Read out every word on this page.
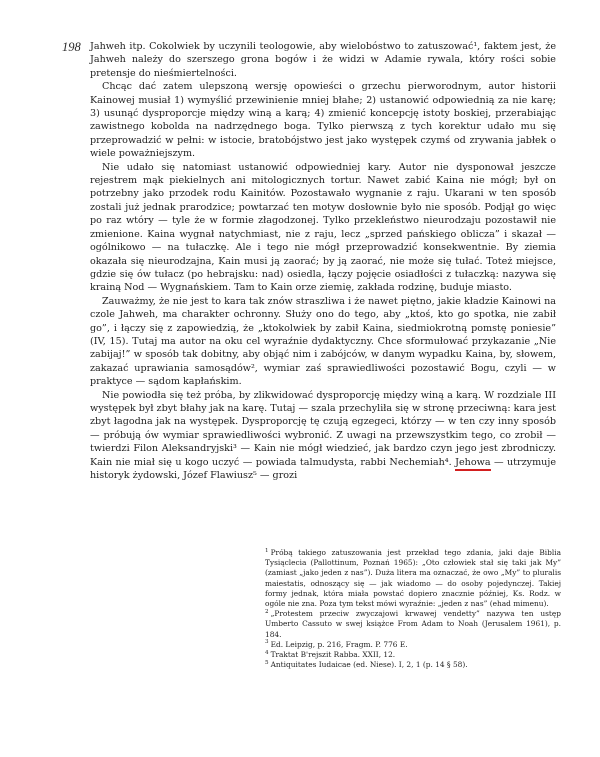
198 Jahweh itp. Cokolwiek by uczynili teologowie, aby wielobóstwo to zatuszować¹, faktem jest, że Jahweh należy do szerszego grona bogów i że widzi w Adamie rywala, który rości sobie pretensje do nieśmiertelności.

Chcąc dać zatem ulepszoną wersję opowieści o grzechu pierworodnym, autor historii Kainowej musiał 1) wymyślić przewinienie mniej błahe; 2) ustanowić odpowiednią za nie karę; 3) usunąć dysproporcje między winą a karą; 4) zmienić koncepcję istoty boskiej, przerabiając zawistnego kobolda na nadrzędnego boga. Tylko pierwszą z tych korektur udało mu się przeprowadzić w pełni: w istocie, bratobójstwo jest jako występek czymś od zrywania jabłek o wiele poważniejszym.

Nie udało się natomiast ustanowić odpowiedniej kary. Autor nie dysponował jeszcze rejestrem mąk piekielnych ani mitologicznych tortur. Nawet zabić Kaina nie mógł; był on potrzebny jako przodek rodu Kainitów. Pozostawało wygnanie z raju. Ukarani w ten sposób zostali już jednak prarodzice; powtarzać ten motyw dosłownie było nie sposób. Podjął go więc po raz wtóry — tyle że w formie złagodzonej. Tylko przekleństwo nieurodzaju pozostawił nie zmienione. Kaina wygnał natychmiast, nie z raju, lecz „sprzed pańskiego oblicza” i skazał — ogólnikowo — na tułaczkę. Ale i tego nie mógł przeprowadzić konsekwentnie. By ziemia okazała się nieurodzajna, Kain musi ją zaorać; by ją zaorać, nie może się tułać. Toteż miejsce, gdzie się ów tułacz (po hebrajsku: nad) osiedla, łączy pojęcie osiadłości z tułaczką: nazywa się krainą Nod — Wygnańskiem. Tam to Kain orze ziemię, zakłada rodzinę, buduje miasto.

Zauważmy, że nie jest to kara tak znów straszliwa i że nawet piętno, jakie kładzie Kainowi na czole Jahweh, ma charakter ochronny. Służy ono do tego, aby „ktoś, kto go spotka, nie zabił go”, i łączy się z zapowiedzią, że „ktokolwiek by zabił Kaina, siedmiokrotną pomstę poniesie” (IV, 15). Tutaj ma autor na oku cel wyraźnie dydaktyczny. Chce sformułować przykazanie „Nie zabijaj!” w sposób tak dobitny, aby objąć nim i zabójców, w danym wypadku Kaina, by, słowem, zakazać uprawiania samosądów², wymiar zaś sprawiedliwości pozostawić Bogu, czyli — w praktyce — sądom kapłańskim.

Nie powiodła się też próba, by zlikwidować dysproporcję między winą a karą. W rozdziale III występek był zbyt błahy jak na karę. Tutaj — szala przechyliła się w stronę przeciwną: kara jest zbyt łagodna jak na występek. Dysproporcję tę czują egzegeci, którzy — w ten czy inny sposób — próbują ów wymiar sprawiedliwości wybronić. Z uwagi na przewszystkim tego, co zrobił — twierdzi Filon Aleksandryjski³ — Kain nie mógł wiedzieć, jak bardzo czyn jego jest zbrodniczy. Kain nie miał się u kogo uczyć — powiada talmudysta, rabbi Nechemiah⁴. Jehowa — utrzymuje historyk żydowski, Józef Flawiusz⁵ — grozi

$^1$ Próbą takiego zatuszowania jest przekład tego zdania, jaki daje Biblia Tysiąclecia (Pallottinum, Poznań 1965): „Oto człowiek stał się taki jak My” (zamiast „jako jeden z nas”). Duża litera ma oznaczać, że owo „My” to pluralis maiestatis, odnoszący się — jak wiadomo — do osoby pojedynczej. Takiej formy jednak, która miała powstać dopiero znacznie później, Ks. Rodz. w ogóle nie zna. Poza tym tekst mówi wyraźnie: „jeden z nas” (ehad mimenu).

$^2$ „Protestem przeciw zwyczajowi krwawej vendetty” nazywa ten ustęp Umberto Cassuto w swej książce From Adam to Noah (Jerusalem 1961), p. 184.

$^3$ Ed. Leipzig, p. 216, Fragm. P. 776 E.

$^4$ Traktat B'rejszit Rabba. XXII, 12.

$^5$ Antiquitates Iudaicae (ed. Niese). I, 2, 1 (p. 14 § 58).
